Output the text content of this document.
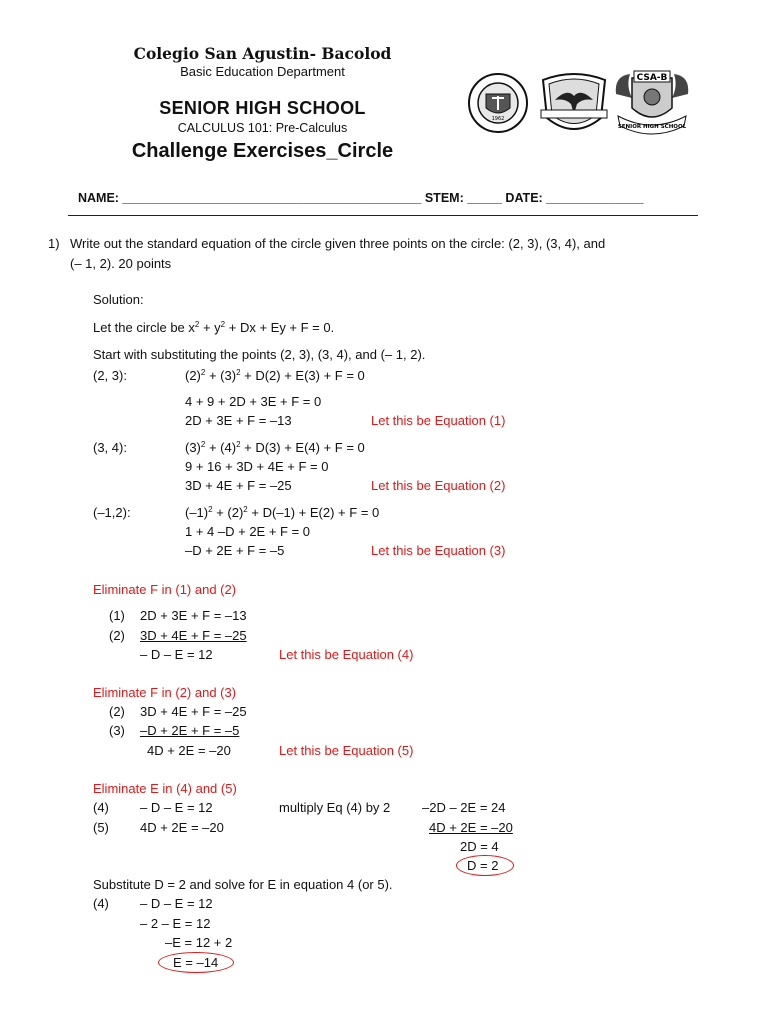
Colegio San Agustin- Bacolod
Basic Education Department
SENIOR HIGH SCHOOL
CALCULUS 101: Pre-Calculus
Challenge Exercises_Circle
1962
CSA-B
SENIOR HIGH SCHOOL
NAME: ___________________________________________ STEM: _____ DATE: ______________
1) Write out the standard equation of the circle given three points on the circle: (2, 3), (3, 4), and
(– 1, 2). 20 points
Solution:
Let the circle be $x^2 + y^2 + Dx + Ey + F = 0$.
Start with substituting the points (2, 3), (3, 4), and (– 1, 2).
(2, 3):	$(2)^2 + (3)^2 + D(2) + E(3) + F = 0$
4 + 9 + 2D + 3E + F = 0
2D + 3E + F = –13	Let this be Equation (1)
(3, 4):	$(3)^2 + (4)^2 + D(3) + E(4) + F = 0$
9 + 16 + 3D + 4E + F = 0
3D + 4E + F = –25	Let this be Equation (2)
(–1,2):	$(-1)^2 + (2)^2 + D(-1) + E(2) + F = 0$
1 + 4 –D + 2E + F = 0
–D + 2E + F = –5	Let this be Equation (3)
Eliminate F in (1) and (2)
(1) 2D + 3E + F = –13
(2) 3D + 4E + F = –25
– D – E = 12	Let this be Equation (4)
Eliminate F in (2) and (3)
(2) 3D + 4E + F = –25
(3) –D + 2E + F = –5
4D + 2E = –20	Let this be Equation (5)
Eliminate E in (4) and (5)
(4) – D – E = 12	multiply Eq (4) by 2 –2D – 2E = 24
(5) 4D + 2E = –20	4D + 2E = –20
2D = 4
D = 2
Substitute D = 2 and solve for E in equation 4 (or 5).
(4) – D – E = 12
– 2 – E = 12
–E = 12 + 2
E = –14
